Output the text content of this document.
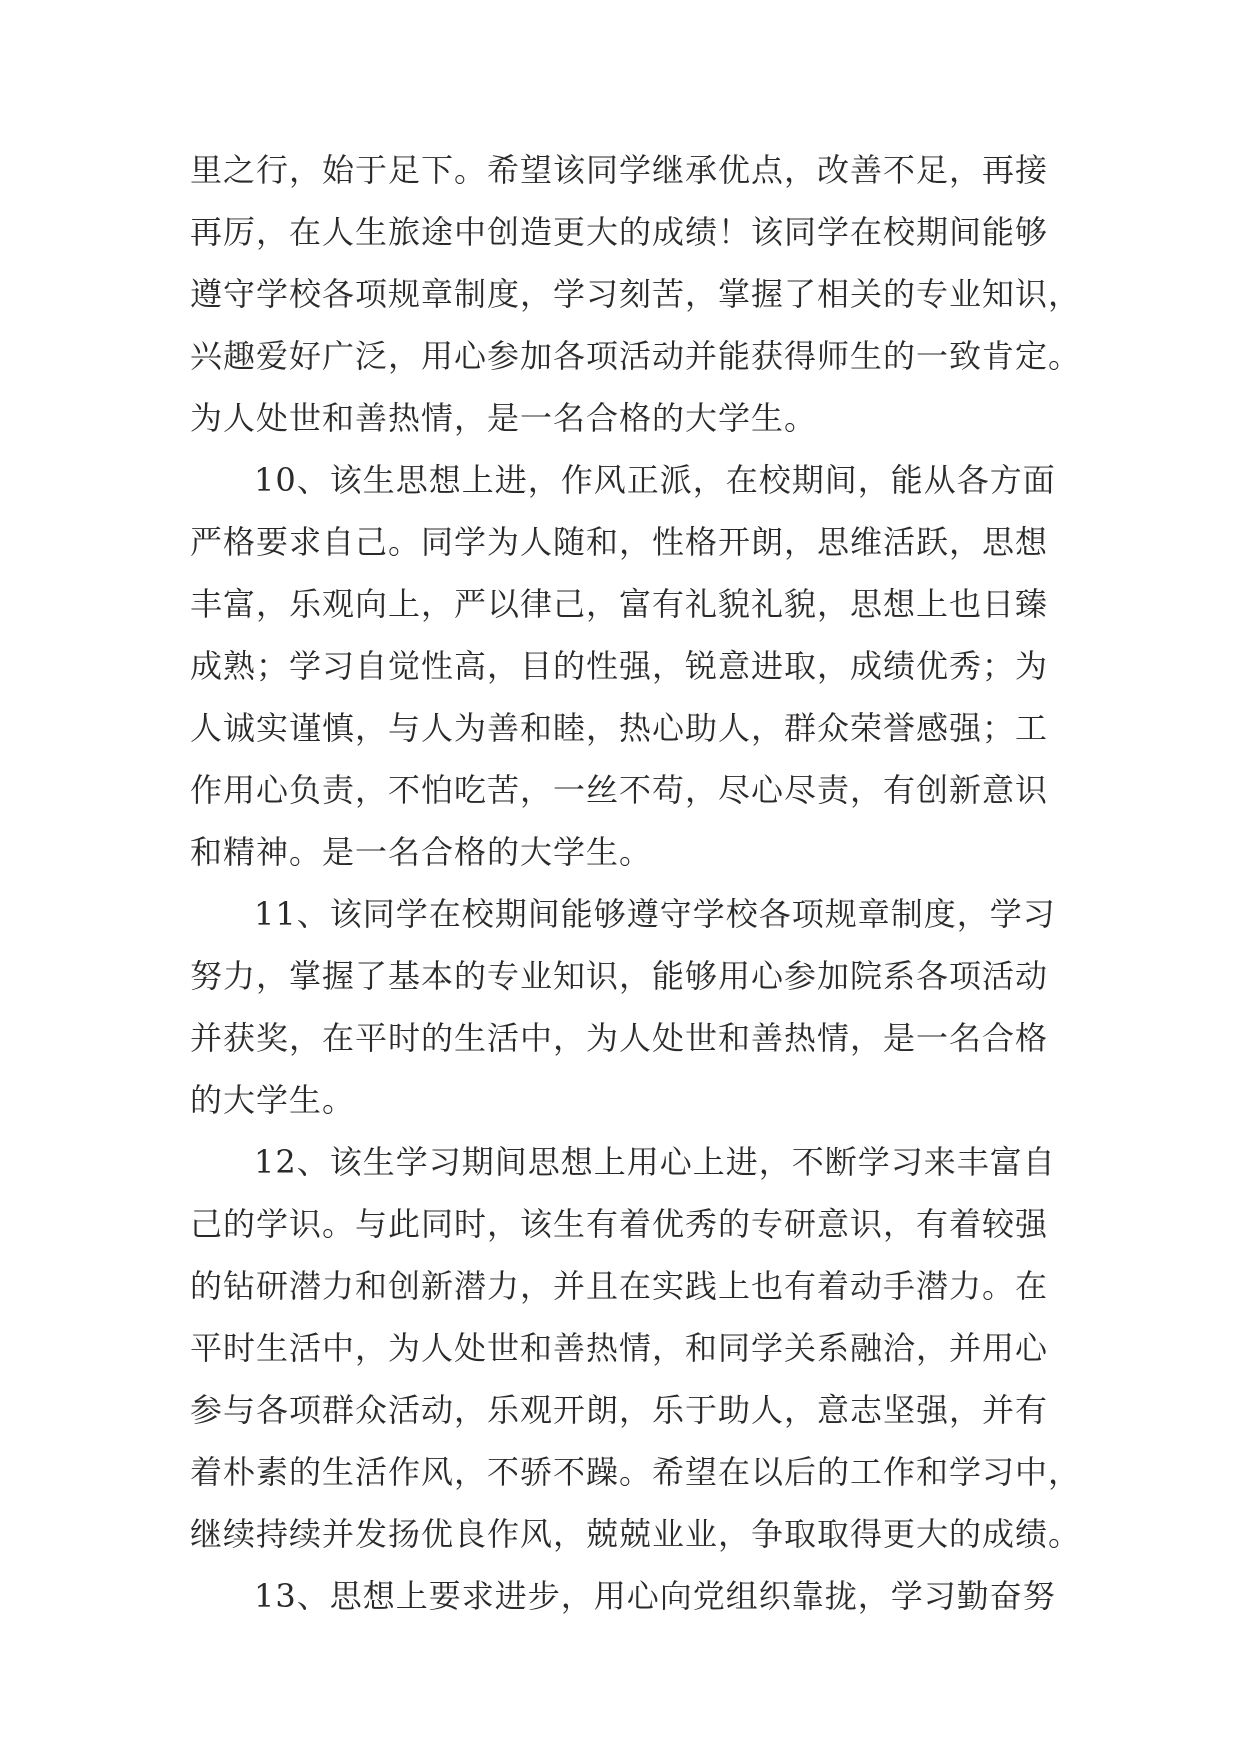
里之行，始于足下。希望该同学继承优点，改善不足，再接

再厉，在人生旅途中创造更大的成绩！该同学在校期间能够

遵守学校各项规章制度，学习刻苦，掌握了相关的专业知识，

兴趣爱好广泛，用心参加各项活动并能获得师生的一致肯定。

为人处世和善热情，是一名合格的大学生。

10、该生思想上进，作风正派，在校期间，能从各方面

严格要求自己。同学为人随和，性格开朗，思维活跃，思想

丰富，乐观向上，严以律己，富有礼貌礼貌，思想上也日臻

成熟；学习自觉性高，目的性强，锐意进取，成绩优秀；为

人诚实谨慎，与人为善和睦，热心助人，群众荣誉感强；工

作用心负责，不怕吃苦，一丝不苟，尽心尽责，有创新意识

和精神。是一名合格的大学生。

11、该同学在校期间能够遵守学校各项规章制度，学习

努力，掌握了基本的专业知识，能够用心参加院系各项活动

并获奖，在平时的生活中，为人处世和善热情，是一名合格

的大学生。

12、该生学习期间思想上用心上进，不断学习来丰富自

己的学识。与此同时，该生有着优秀的专研意识，有着较强

的钻研潜力和创新潜力，并且在实践上也有着动手潜力。在

平时生活中，为人处世和善热情，和同学关系融洽，并用心

参与各项群众活动，乐观开朗，乐于助人，意志坚强，并有

着朴素的生活作风，不骄不躁。希望在以后的工作和学习中，

继续持续并发扬优良作风，兢兢业业，争取取得更大的成绩。

13、思想上要求进步，用心向党组织靠拢，学习勤奋努
